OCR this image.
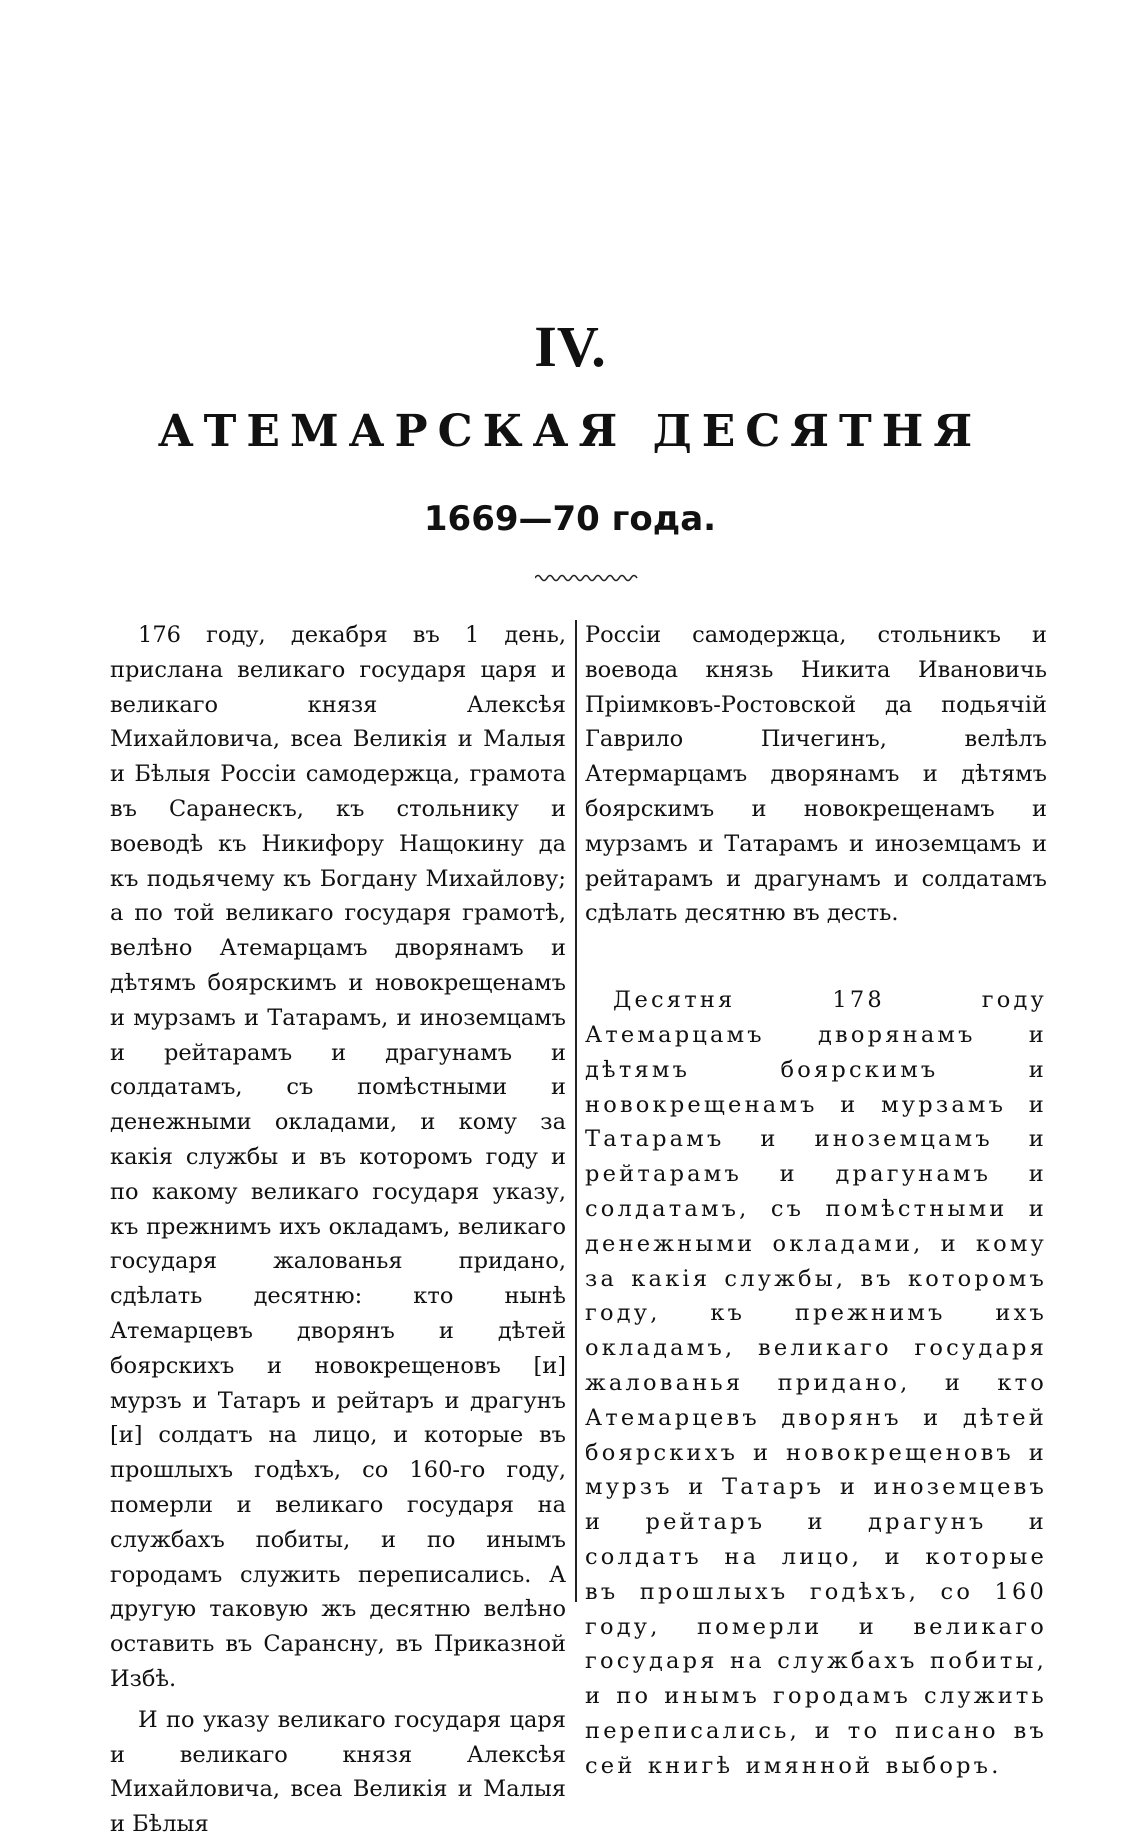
IV.
АТЕМАРСКАЯ ДЕСЯТНЯ
1669—70 года.

176 году, декабря въ 1 день, прислана великаго государя царя и великаго князя Алексѣя Михайловича, всеа Великія и Малыя и Бѣлыя Россіи самодержца, грамота въ Саранескъ, къ стольнику и воеводѣ къ Никифору Нащокину да къ подьячему къ Богдану Михайлову; а по той великаго государя грамотѣ, велѣно Атемарцамъ дворянамъ и дѣтямъ боярскимъ и новокрещенамъ и мурзамъ и Татарамъ, и иноземцамъ и рейтарамъ и драгунамъ и солдатамъ, съ помѣстными и денежными окладами, и кому за какія службы и въ которомъ году и по какому великаго государя указу, къ прежнимъ ихъ окладамъ, великаго государя жалованья придано, сдѣлать десятню: кто нынѣ Атемарцевъ дворянъ и дѣтей боярскихъ и новокрещеновъ [и] мурзъ и Татаръ и рейтаръ и драгунъ [и] солдатъ на лицо, и которые въ прошлыхъ годѣхъ, со 160-го году, померли и великаго государя на службахъ побиты, и по инымъ городамъ служить переписались. А другую таковую жъ десятню велѣно оставить въ Сарансну, въ Приказной Избѣ.

И по указу великаго государя царя и великаго князя Алексѣя Михайловича, всеа Великія и Малыя и Бѣлыя

Россіи самодержца, стольникъ и воевода князь Никита Ивановичь Пріимковъ-Ростовской да подьячій Гаврило Пичегинъ, велѣлъ Атермарцамъ дворянамъ и дѣтямъ боярскимъ и новокрещенамъ и мурзамъ и Татарамъ и иноземцамъ и рейтарамъ и драгунамъ и солдатамъ сдѣлать десятню въ десть.

Десятня 178 году Атемарцамъ дворянамъ и дѣтямъ боярскимъ и новокрещенамъ и мурзамъ и Татарамъ и иноземцамъ и рейтарамъ и драгунамъ и солдатамъ, съ помѣстными и денежными окладами, и кому за какія службы, въ которомъ году, къ прежнимъ ихъ окладамъ, великаго государя жалованья придано, и кто Атемарцевъ дворянъ и дѣтей боярскихъ и новокрещеновъ и мурзъ и Татаръ и иноземцевъ и рейтаръ и драгунъ и солдатъ на лицо, и которые въ прошлыхъ годѣхъ, со 160 году, померли и великаго государя на службахъ побиты, и по инымъ городамъ служить переписались, и то писано въ сей книгѣ имянной выборъ.
